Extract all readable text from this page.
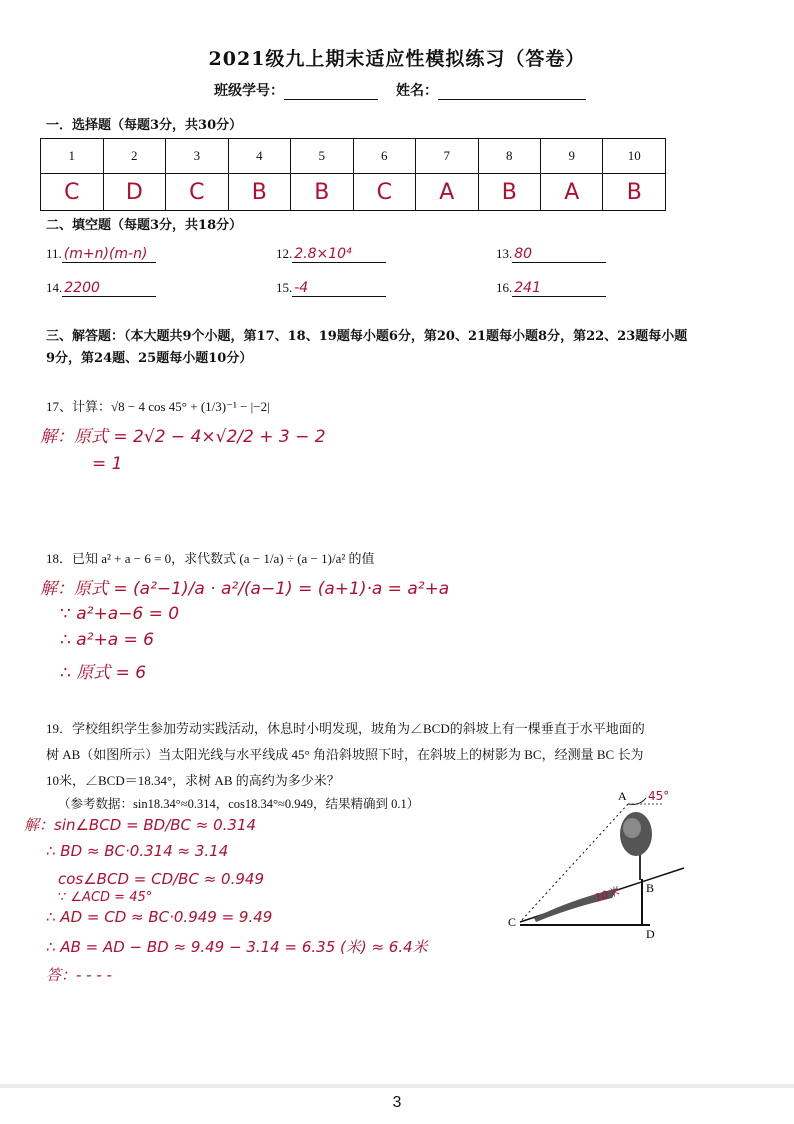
2021级九上期末适应性模拟练习（答卷）
班级学号：	姓名：
一．选择题（每题3分，共30分）
1	2	3	4	5	6	7	8	9	10
C	D	C	B	B	C	A	B	A	B
二、填空题（每题3分，共18分）
11. (m+n)(m-n)	12. 2.8×10⁴	13. 80
14. 2200	15. -4	16. 241
三、解答题：（本大题共9个小题，第17、18、19题每小题6分，第20、21题每小题8分，第22、23题每小题
9分，第24题、25题每小题10分）
17、计算：√8 − 4 cos 45° + (1/3)⁻¹ − |−2|
解：原式 = 2√2 − 4×√2/2 + 3 − 2
= 1
18．已知 a² + a − 6 = 0，求代数式 (a − 1/a) ÷ (a − 1)/a² 的值
解：原式 = (a²−1)/a · a²/(a−1) = (a+1)·a = a²+a
∵ a²+a−6 = 0
∴ a²+a = 6
∴ 原式 = 6
19．学校组织学生参加劳动实践活动，休息时小明发现，坡角为∠BCD的斜坡上有一棵垂直于水平地面的
树 AB（如图所示）当太阳光线与水平线成 45° 角沿斜坡照下时，在斜坡上的树影为 BC，经测量 BC 长为
10米，∠BCD＝18.34°，求树 AB 的高约为多少米？
（参考数据：sin18.34°≈0.314，cos18.34°≈0.949，结果精确到 0.1）
解：sin∠BCD = BD/BC ≈ 0.314
∴ BD ≈ BC·0.314 ≈ 3.14
cos∠BCD = CD/BC ≈ 0.949
∵ ∠ACD = 45°
∴ AD = CD ≈ BC·0.949 = 9.49
∴ AB = AD − BD ≈ 9.49 − 3.14 = 6.35 (米) ≈ 6.4米
答：- - - -
10米
45°
A
B
C
D
3
